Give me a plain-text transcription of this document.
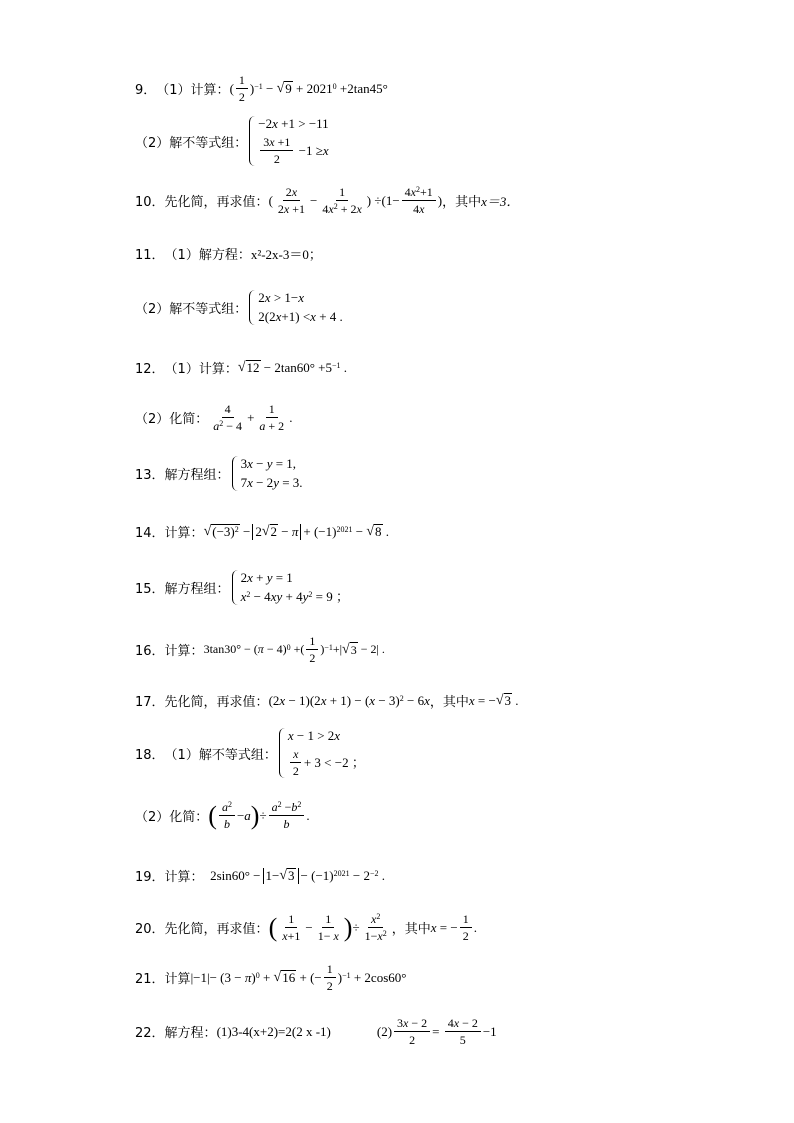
9． （1）计算： ( $\frac{1}{2} )^{-1}$ − √ $9 + 2021^0 +2\tan 45^\circ$
（2）解不等式组：
−2 x +1 > −11
$\frac{3x +1}{2} -1 \ge x$
10． 先化简，再求值： ( $\frac{2x}{2x +1} - \frac{1}{4x^2 + 2x}$ ) $\div(1- \frac{4x^2+1}{4x}$ ) ，其中 x＝3．
11． （1）解方程： x²-2x-3＝0；
（2）解不等式组：
2 x > 1− x
2(2 x +1) < x + 4 .
12． （1）计算： √ $12 - 2\tan 60^\circ +5^{-1}$ .
（2）化简： $\frac{4}{a^2 - 4} + \frac{1}{a + 2}$ .
13． 解方程组：
3 x − y = 1,
7 x − 2 y = 3.
14． 计算： √ $(-3)^2 - 2$ √ $2 - \pi + (-1)^{2021}$ − √ 8 .
15． 解方程组：
2 x + y = 1
$x^2 - 4$ xy + 4 $y^2 = 9$ ；
16． 计算： 3tan30° − ( π − 4)$^0$ +( $\frac{1}{2} )^{-1}$ +| √ 3 − 2| .
17． 先化简，再求值： (2 x − 1)(2 x + 1) − ( x − 3)$^2$ − 6 x ，其中 x = − √ 3 .
18． （1）解不等式组：
x − 1 > 2 x
$\frac{x}{2} + 3 < -2$ ；
（2）化简： ( $\frac{a^2}{b} - a$ ) ÷ $\frac{a^2 -b^2}{b}$ .
19． 计算： 2sin60° − 1− √ $3 - (-1)^{2021} - 2^{-2}$ .
20． 先化简，再求值： ( $\frac{1}{x+1} - \frac{1}{1- x}$ ) ÷ $\frac{x^2}{1-x^2}$ ，其中 x = − $\frac{1}{2}$ .
21． 计算 |−1|− (3 − π )$^0$ + √ 16 + (− $\frac{1}{2} )^{-1} + 2\cos 60^\circ$
22． 解方程： (1)3-4(x+2)=2(2 x -1)	$(2) \frac{3x - 2}{2} = \frac{4x - 2}{5} -1$
